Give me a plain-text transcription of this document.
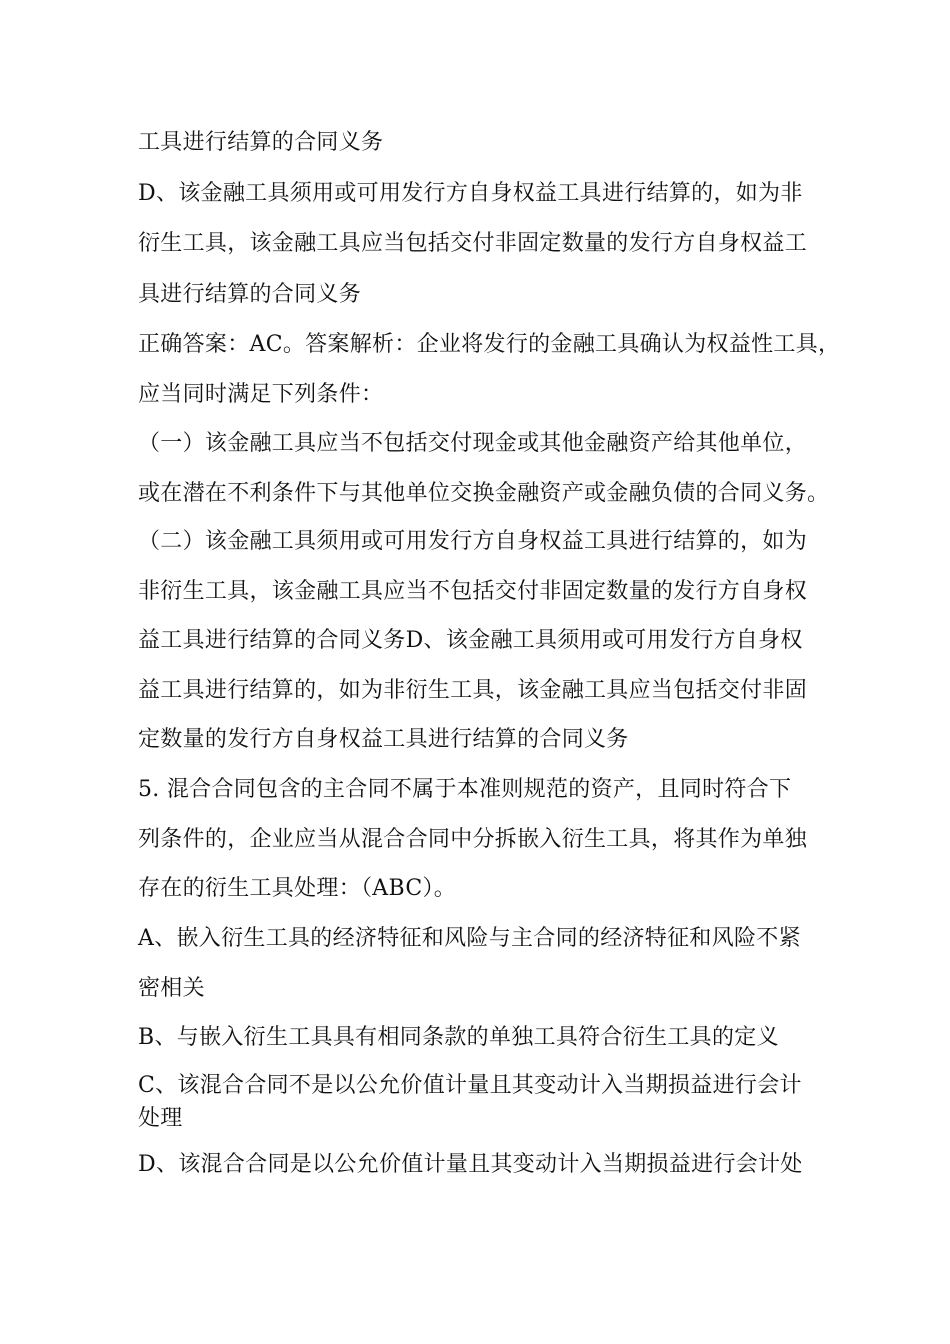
工具进行结算的合同义务
D、该金融工具须用或可用发行方自身权益工具进行结算的，如为非
衍生工具，该金融工具应当包括交付非固定数量的发行方自身权益工
具进行结算的合同义务
正确答案：AC。答案解析：企业将发行的金融工具确认为权益性工具，
应当同时满足下列条件：
（一）该金融工具应当不包括交付现金或其他金融资产给其他单位，
或在潜在不利条件下与其他单位交换金融资产或金融负债的合同义务。
（二）该金融工具须用或可用发行方自身权益工具进行结算的，如为
非衍生工具，该金融工具应当不包括交付非固定数量的发行方自身权
益工具进行结算的合同义务D、该金融工具须用或可用发行方自身权
益工具进行结算的，如为非衍生工具，该金融工具应当包括交付非固
定数量的发行方自身权益工具进行结算的合同义务
5. 混合合同包含的主合同不属于本准则规范的资产，且同时符合下
列条件的，企业应当从混合合同中分拆嵌入衍生工具，将其作为单独
存在的衍生工具处理：（ABC）。
A、嵌入衍生工具的经济特征和风险与主合同的经济特征和风险不紧
密相关
B、与嵌入衍生工具具有相同条款的单独工具符合衍生工具的定义
C、该混合合同不是以公允价值计量且其变动计入当期损益进行会计
处理
D、该混合合同是以公允价值计量且其变动计入当期损益进行会计处
